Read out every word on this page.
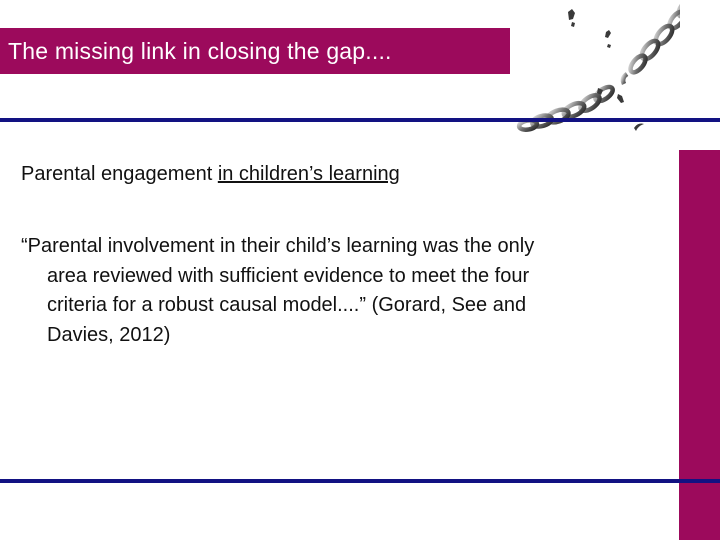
The missing link in closing the gap....
Parental engagement in children’s learning
“Parental involvement in their child’s learning was the only
area reviewed with sufficient evidence to meet the four
criteria for a robust causal model....” (Gorard, See and
Davies, 2012)
